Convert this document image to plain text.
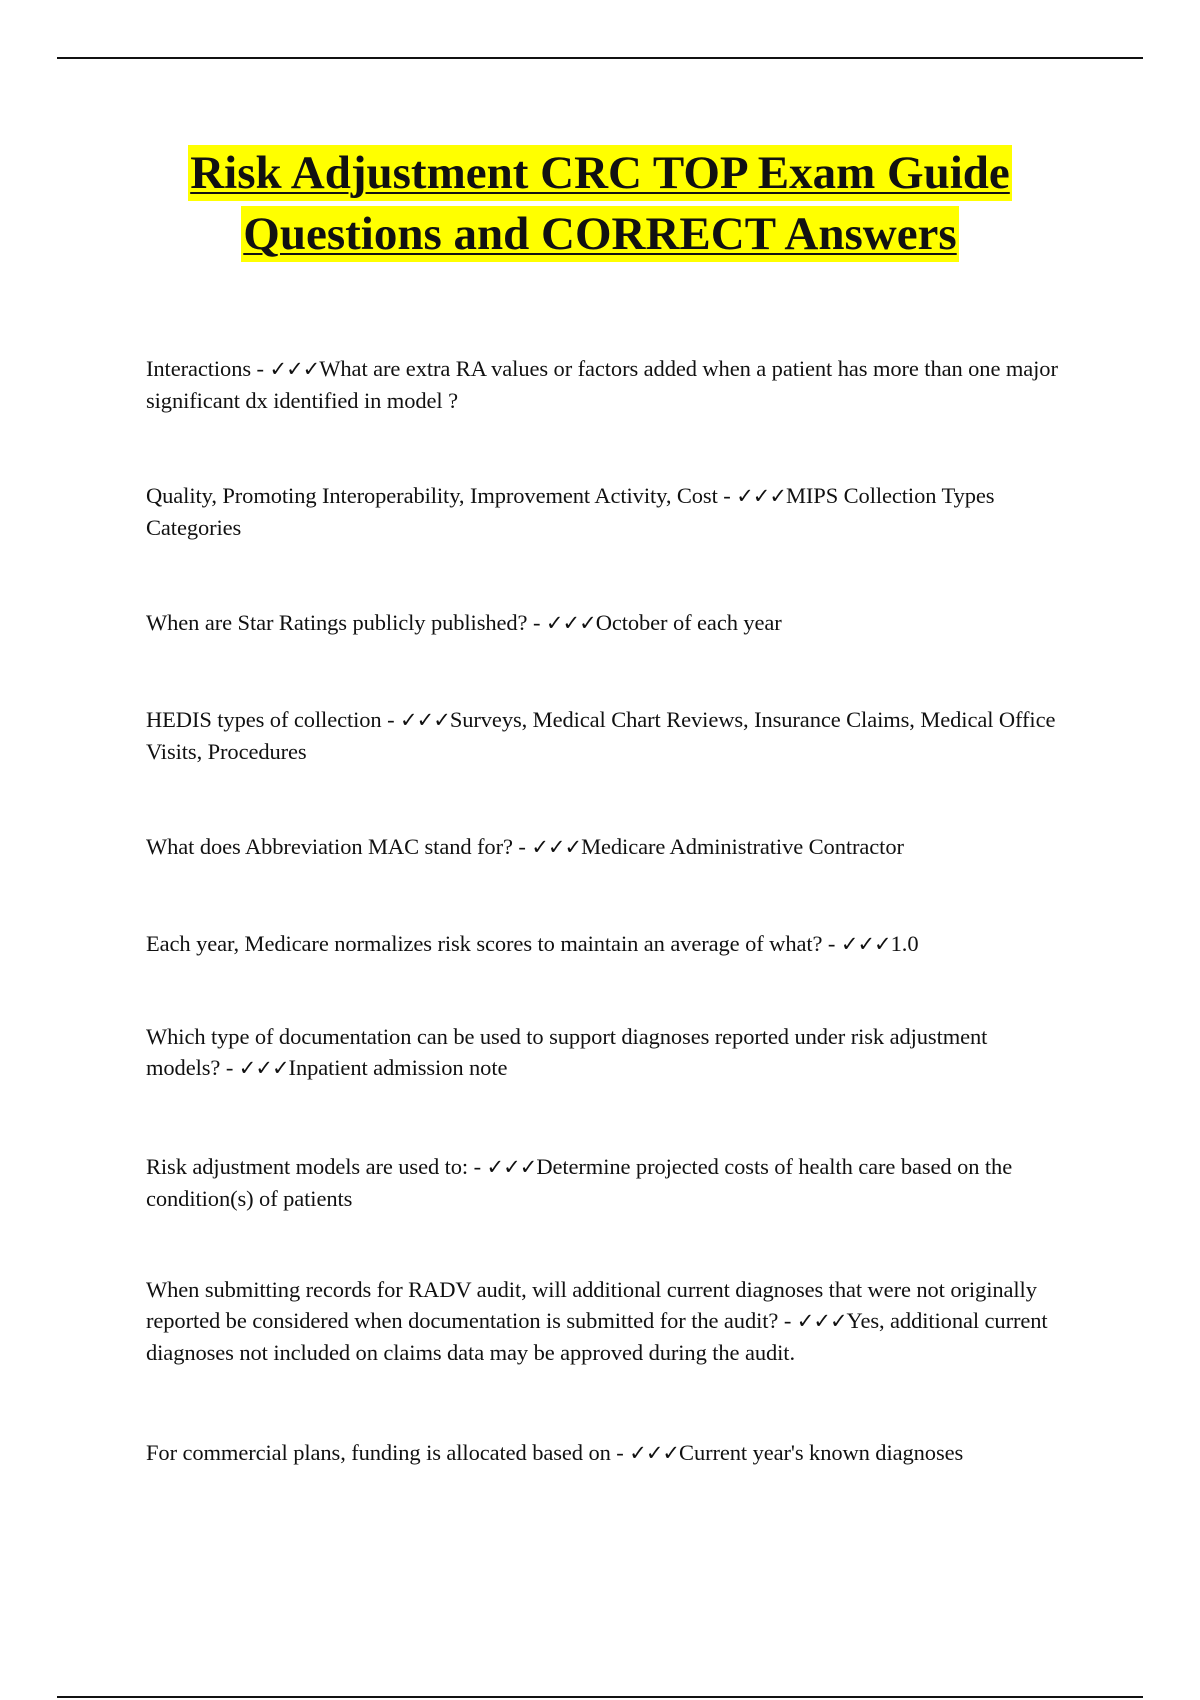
Risk Adjustment CRC TOP Exam Guide
Questions and CORRECT Answers

Interactions - ✓✓✓What are extra RA values or factors added when a patient has more than one major significant dx identified in model ?

Quality, Promoting Interoperability, Improvement Activity, Cost - ✓✓✓MIPS Collection Types Categories

When are Star Ratings publicly published? - ✓✓✓October of each year

HEDIS types of collection - ✓✓✓Surveys, Medical Chart Reviews, Insurance Claims, Medical Office Visits, Procedures

What does Abbreviation MAC stand for? - ✓✓✓Medicare Administrative Contractor

Each year, Medicare normalizes risk scores to maintain an average of what? - ✓✓✓1.0

Which type of documentation can be used to support diagnoses reported under risk adjustment models? - ✓✓✓Inpatient admission note

Risk adjustment models are used to: - ✓✓✓Determine projected costs of health care based on the condition(s) of patients

When submitting records for RADV audit, will additional current diagnoses that were not originally reported be considered when documentation is submitted for the audit? - ✓✓✓Yes, additional current diagnoses not included on claims data may be approved during the audit.

For commercial plans, funding is allocated based on - ✓✓✓Current year's known diagnoses
